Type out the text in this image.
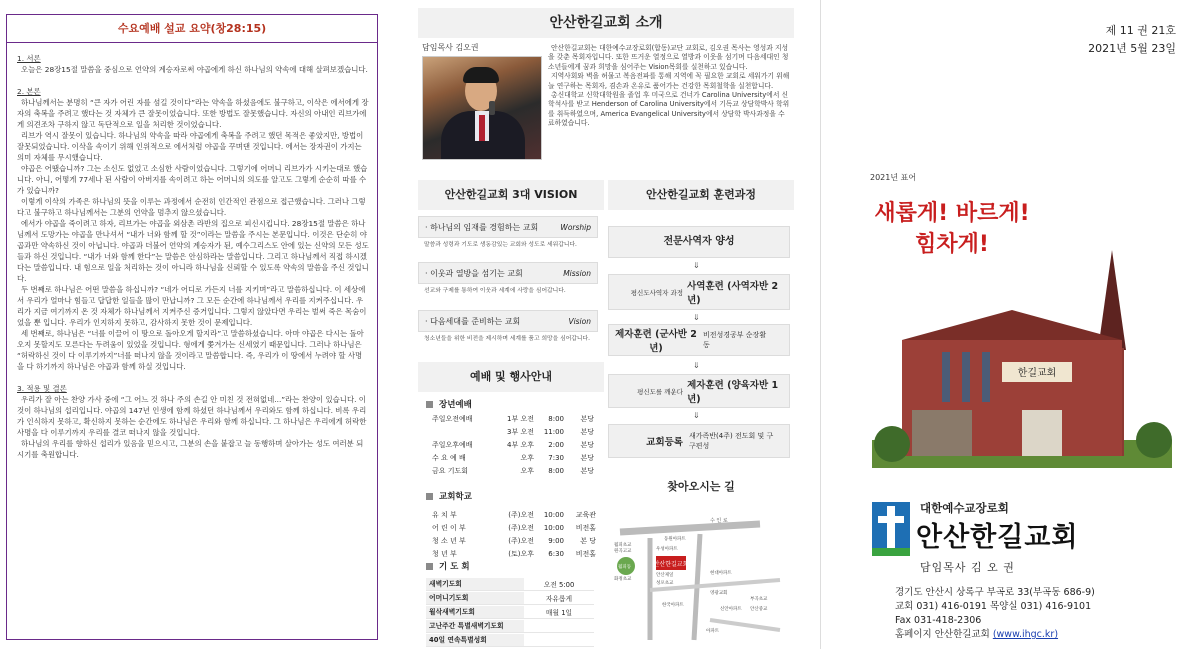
수요예배 설교 요약(창28:15)
1. 서론

오늘은 28장15절 말씀을 중심으로 언약의 계승자로써 야곱에게 하신 하나님의 약속에 대해 살펴보겠습니다.

2. 본론

하나님께서는 분명히 “큰 자가 어린 자를 섬길 것이다”라는 약속을 하셨음에도 불구하고, 이삭은 에서에게 장자의 축복을 주려고 했다는 것 자체가 큰 잘못이었습니다. 또한 방법도 잘못했습니다. 자신의 아내인 리브가에게 의견조차 구하지 않고 독단적으로 일을 처리한 것이었습니다.

리브가 역시 잘못이 있습니다. 하나님의 약속을 따라 야곱에게 축복을 주려고 했던 목적은 좋았지만, 방법이 잘못되었습니다. 이삭을 속이기 위해 인위적으로 에서처럼 야곱을 꾸며댄 것입니다. 에서는 장자권이 가지는 의미 자체를 무시했습니다.

야곱은 어땠습니까? 그는 소신도 없었고 소심한 사람이었습니다. 그렇기에 어머니 리브가가 시키는대로 했습니다. 아니, 어떻게 77세나 된 사람이 아버지를 속이려고 하는 어머니의 의도를 알고도 그렇게 순순히 따를 수가 있습니까?

이렇게 이삭의 가족은 하나님의 뜻을 이루는 과정에서 순전히 인간적인 관점으로 접근했습니다. 그러나 그렇다고 불구하고 하나님께서는 그분의 언약을 멈추지 않으셨습니다.

에서가 야곱을 죽이려고 하자, 리브가는 야곱을 외삼촌 라반의 집으로 피신시킵니다. 28장15절 말씀은 하나님께서 도망가는 야곱을 만나셔서 “내가 너와 함께 할 것”이라는 말씀을 주시는 본문입니다. 이것은 단순히 야곱과만 약속하신 것이 아닙니다. 야곱과 더불어 언약의 계승자가 된, 예수그리스도 안에 있는 신약의 모든 성도들과 하신 것입니다. “내가 너와 함께 한다”는 말씀은 안심하라는 말씀입니다. 그리고 하나님께서 직접 하시겠다는 말씀입니다. 내 힘으로 일을 처리하는 것이 아니라 하나님을 신뢰할 수 있도록 약속의 말씀을 주신 것입니다.

두 번째로 하나님은 어떤 말씀을 하십니까? “네가 어디로 가든지 너를 지키며”라고 말씀하십니다. 이 세상에서 우리가 얼마나 힘들고 답답한 일들을 많이 만납니까? 그 모든 순간에 하나님께서 우리를 지켜주십니다. 우리가 지금 여기까지 온 것 자체가 하나님께서 지켜주신 증거입니다. 그렇지 않았다면 우리는 벌써 죽은 목숨이었을 뿐 입니다. 우리가 인지하지 못하고, 감사하지 못한 것이 문제입니다.

세 번째로, 하나님은 “너를 이끌어 이 땅으로 돌아오게 할지라”고 말씀하셨습니다. 아마 야곱은 다시는 돌아오지 못할지도 모른다는 두려움이 있었을 것입니다. 형에게 쫓겨가는 신세였기 때문입니다. 그러나 하나님은 “허락하신 것이 다 이루기까지”너를 떠나지 않을 것이라고 말씀합니다. 즉, 우리가 이 땅에서 누려야 할 사명을 다 하기까지 하나님은 야곱과 함께 하실 것입니다.

3. 적용 및 결론

우리가 잘 아는 찬양 가사 중에 “그 어느 것 하나 주의 손길 안 미친 것 전혀없네...”라는 찬양이 있습니다. 이것이 하나님의 섭리입니다. 야곱의 147년 인생에 함께 하셨던 하나님께서 우리와도 함께 하십니다. 비록 우리가 인식하지 못하고, 확신하지 못하는 순간에도 하나님은 우리와 함께 하십니다. 그 하나님은 우리에게 허락한 사명을 다 이루기까지 우리를 결코 떠나지 않을 것입니다.

하나님의 우리를 향하신 섭리가 있음을 믿으시고, 그분의 손을 붙잡고 늘 동행하며 살아가는 성도 여러분 되시기를 축원합니다.

안산한길교회 소개
담임목사 김오권	안산한길교회는 대한예수교장로회(합동)교단 교회로, 김오권 목사는 영성과 지성을 갖춘 목회자입니다. 또한 뜨거운 열정으로 열방과 이웃을 섬기며 다음세대인 청소년들에게 꿈과 희망을 심어주는 Vision목회를 실천하고 있습니다.

지역사회와 벽을 허물고 복음전파를 통해 지역에 꼭 필요한 교회로 세워가기 위해 늘 연구하는 목회자, 겸손과 온유로 품어가는 건강한 목회철학을 실천합니다.

총신대학교 신학대학원을 졸업 후 미국으로 건너가 Carolina University에서 신학석사를 받고 Henderson of Carolina University에서 기독교 상담학박사 학위를 취득하였으며, America Evangelical University에서 상담학 박사과정을 수료하였습니다.

안산한길교회 3대 VISION
· 하나님의 임재를 경험하는 교회	Worship
말씀과 성령과 기도로 생동감있는 교회와 성도로 세워갑니다.
· 이웃과 열방을 섬기는 교회	Mission
선교와 구제를 통하여 이웃과 세계에 사랑을 심어갑니다.
· 다음세대를 준비하는 교회	Vision
청소년들을 위한 비전을 제시하며 세계를 품고 희망을 심어갑니다.
예배 및 행사안내
장년예배
주일오전예배	1부 오전	8:00	본당
	3부 오전	11:00	본당
주일오후예배	4부 오후	2:00	본당
수 요 예 배	오후	7:30	본당
금요 기도회	오후	8:00	본당
교회학교
유 치 부	(주)오전	10:00	교육관
어 린 이 부	(주)오전	10:00	비전홀
청 소 년 부	(주)오전	9:00	본 당
청 년 부	(토)오후	6:30	비전홀
기 도 회
새벽기도회	오전 5:00
어머니기도회	자유롭게
월삭새벽기도회	매월 1일
고난주간 특별새벽기도회
40일 연속특별성회
안산한길교회 훈련과정
전문사역자 양성
⇓
평신도사역자 과정
사역훈련 (사역자반 2년)
⇓
제자훈련 (군사반 2년)
비전성경공부 순장활동
⇓
평신도를 깨운다
제자훈련 (양육자반 1년)
⇓
교회등록
새가족반(4주) 전도회 및 구 구편성
찾아오시는 길
안산한길교회
수 인 로
월피초교
원곡고교
월피동
우성아파트
동원아파트
화정초교
안산제일
성포초교
현대아파트
영광교회
한국아파트
부곡초교
안산중교
신안아파트
아파트
제 11 권 21호
2021년 5월 23일
2021년 표어
새롭게! 바르게!
힘차게!
한길교회
대한예수교장로회
안산한길교회
담임목사 김 오 권
경기도 안산시 상록구 부곡로 33(부곡동 686-9)
교회 031) 416-0191 목양실 031) 416-9101
Fax 031-418-2306
홈페이지 안산한길교회 (www.ihgc.kr)
